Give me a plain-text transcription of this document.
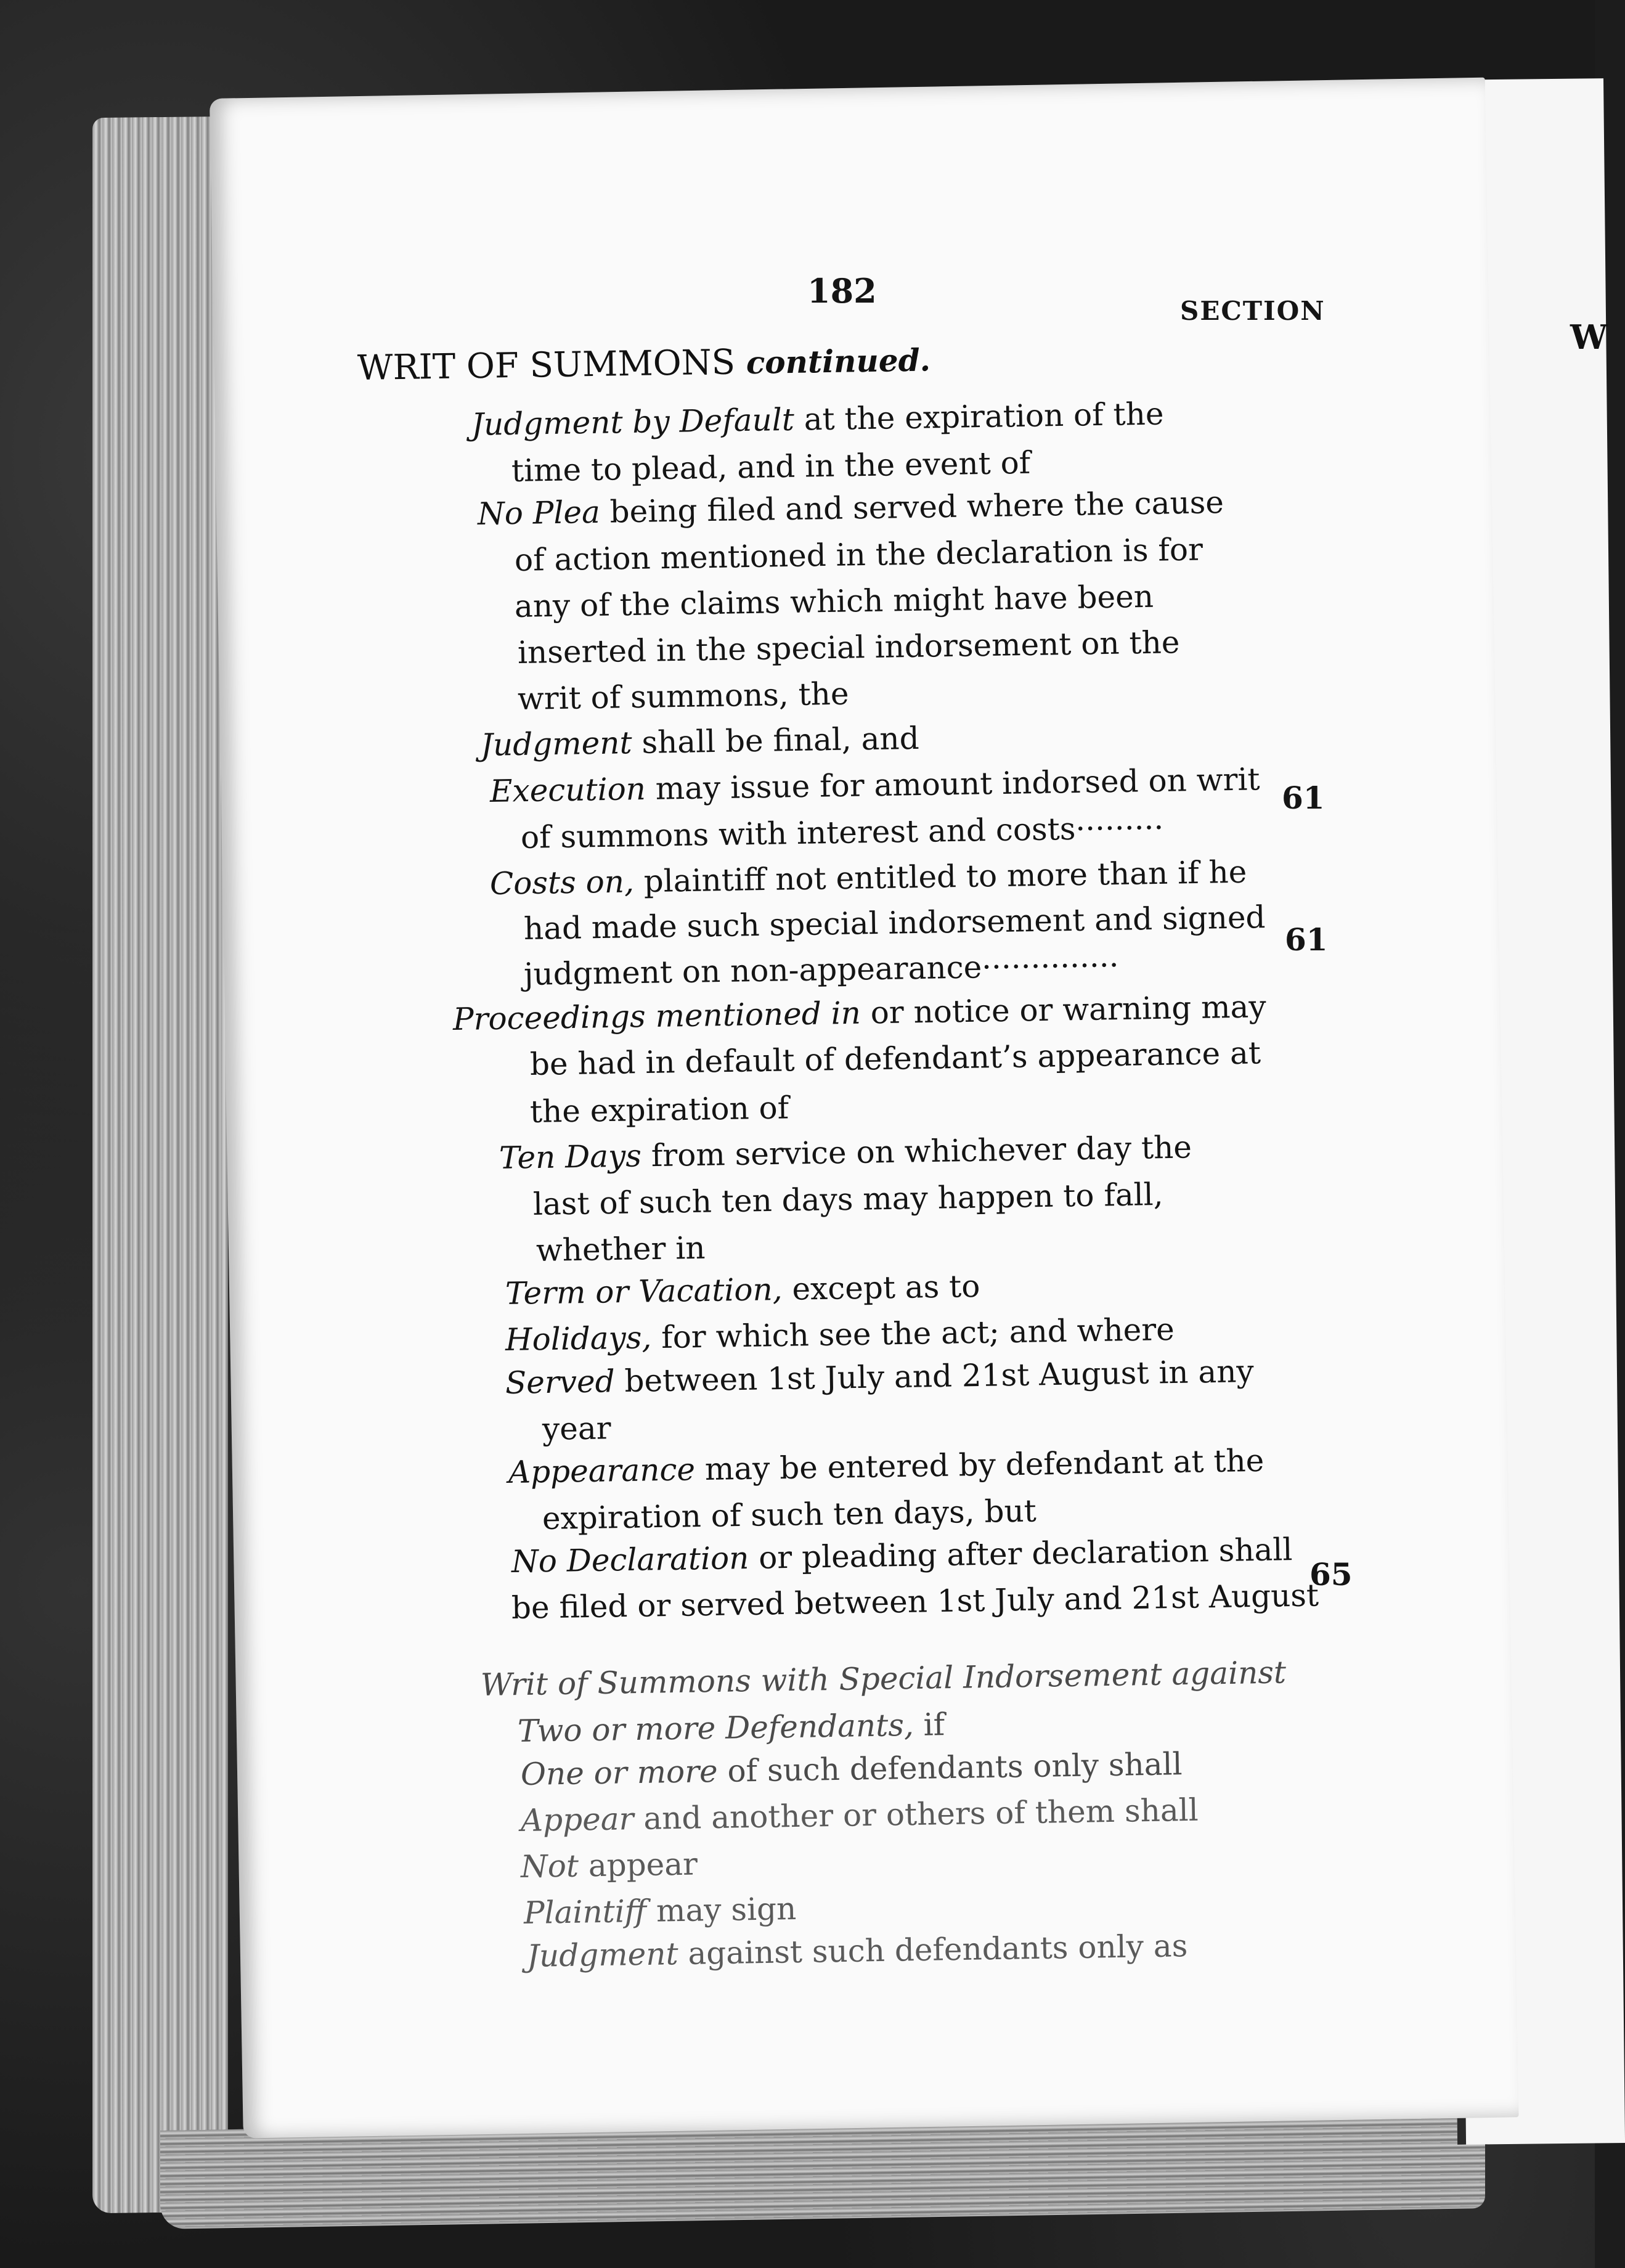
W
182
SECTION
WRIT OF SUMMONS continued.
Judgment by Default at the expiration of the
time to plead, and in the event of
No Plea being filed and served where the cause
of action mentioned in the declaration is for
any of the claims which might have been
inserted in the special indorsement on the
writ of summons, the
Judgment shall be final, and
Execution may issue for amount indorsed on writ
of summons with interest and costs·········
Costs on, plaintiff not entitled to more than if he
had made such special indorsement and signed
judgment on non-appearance··············
Proceedings mentioned in or notice or warning may
be had in default of defendant’s appearance at
the expiration of
Ten Days from service on whichever day the
last of such ten days may happen to fall,
whether in
Term or Vacation, except as to
Holidays, for which see the act; and where
Served between 1st July and 21st August in any
year
Appearance may be entered by defendant at the
expiration of such ten days, but
No Declaration or pleading after declaration shall
be filed or served between 1st July and 21st August
Writ of Summons with Special Indorsement against
Two or more Defendants, if
One or more of such defendants only shall
Appear and another or others of them shall
Not appear
Plaintiff may sign
Judgment against such defendants only as
61
61
65
